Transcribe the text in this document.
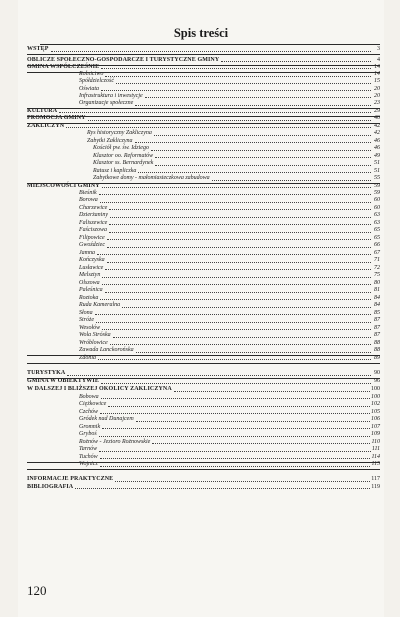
Spis treści
WSTĘP	3
OBLICZE SPOŁECZNO-GOSPODARCZE I TURYSTYCZNE GMINY	4
GMINA WSPÓŁCZEŚNIE	14
Rolnictwo	14
Spółdzielczość	15
Oświata	20
Infrastruktura i inwestycje	20
Organizacje społeczne	23
KULTURA	29
PROMOCJA GMINY	40
ZAKLICZYN	42
Rys historyczny Zakliczyna	42
Zabytki Zakliczyna	46
Kościół pw. św. Idziego	46
Klasztor oo. Reformatów	49
Klasztor ss. Bernardynek	51
Ratusz i kapliczka	51
Zabytkowe domy - małomiasteczkowa zabudowa	55
MIEJSCOWOŚCI GMINY	59
Bieśnik	59
Borowa	60
Charzewice	60
Dzierżaniny	63
Faliszewice	63
Faściszowa	65
Filipowice	65
Gwoździec	66
Jamna	67
Kończyska	71
Lusławice	72
Melsztyn	75
Olszowa	80
Paleśnica	81
Roztoka	84
Ruda Kameralna	84
Słona	85
Stróże	87
Wesołów	87
Wola Stróska	87
Wróblowice	88
Zawada Lanckorońska	88
Zdonia	89
TURYSTYKA	90
GMINA W OBIEKTYWIE	96
W DALSZEJ I BLIŻSZEJ OKOLICY ZAKLICZYNA	100
Bobowa	100
Ciężkowice	102
Czchów	105
Gródek nad Dunajcem	106
Gromnik	107
Gryboś	109
Rożnów - Jezioro Rożnowskie	110
Tarnów	111
Tuchów	114
Wojnicz	115
INFORMACJE PRAKTYCZNE	117
BIBLIOGRAFIA	119
120
